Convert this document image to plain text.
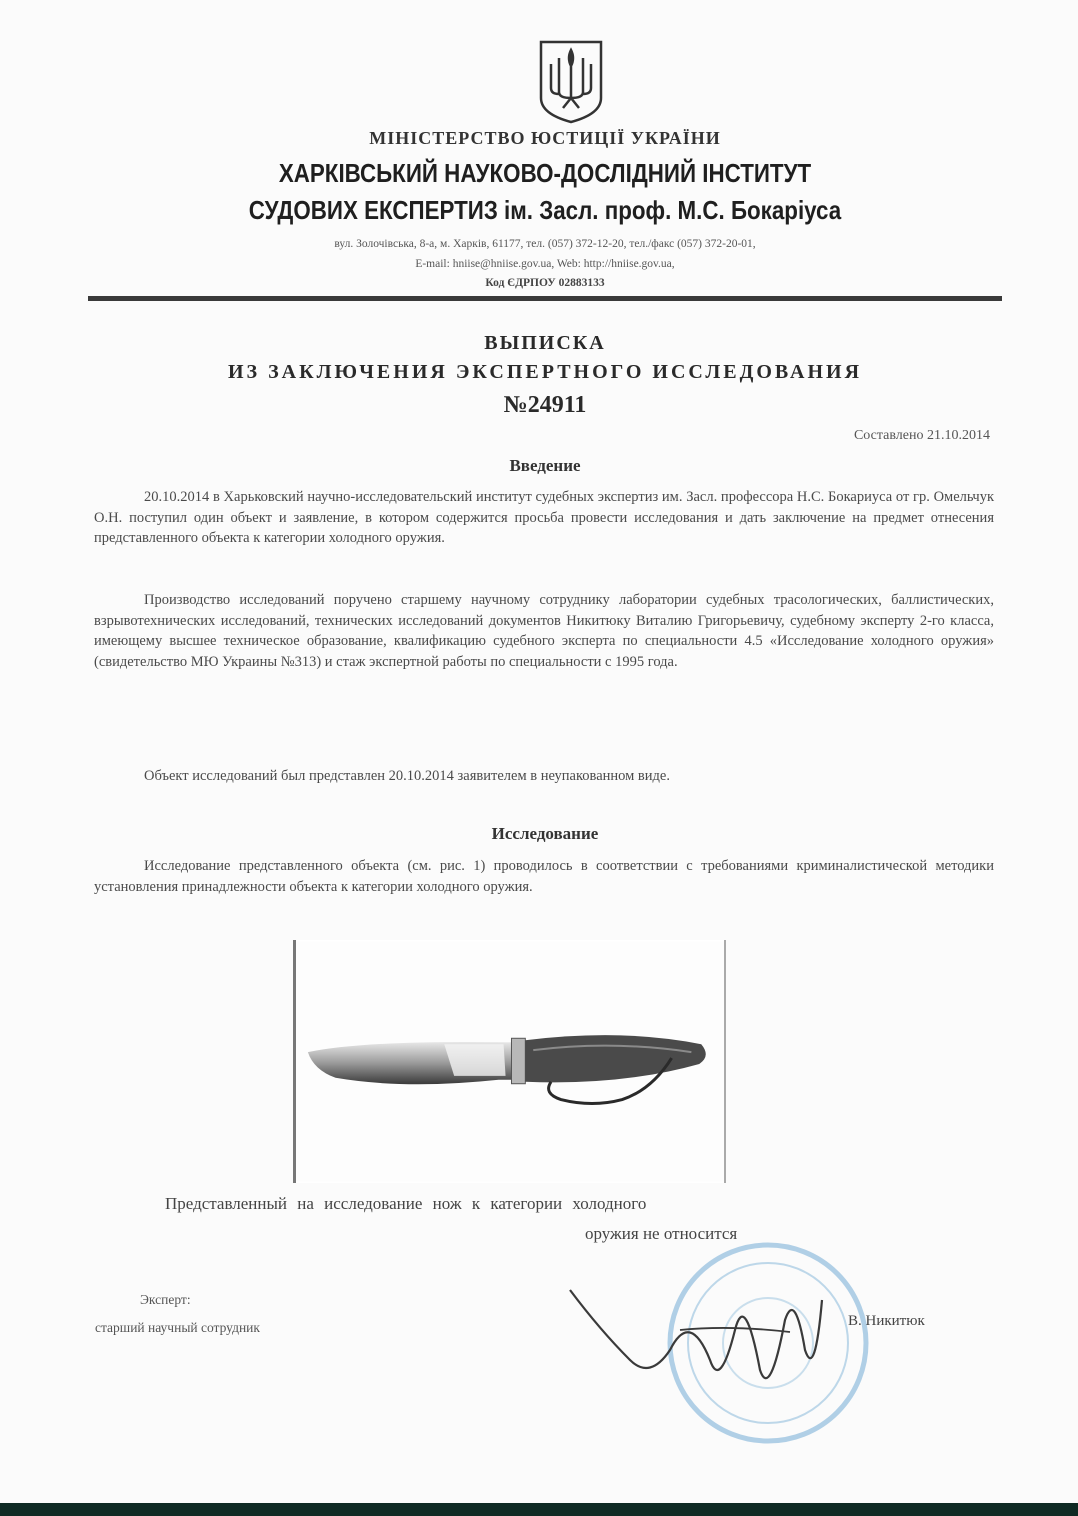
МІНІСТЕРСТВО ЮСТИЦІЇ УКРАЇНИ
ХАРКІВСЬКИЙ НАУКОВО-ДОСЛІДНИЙ ІНСТИТУТ
СУДОВИХ ЕКСПЕРТИЗ ім. Засл. проф. М.С. Бокаріуса
вул. Золочівська, 8-а, м. Харків, 61177, тел. (057) 372-12-20, тел./факс (057) 372-20-01,
E-mail: hniise@hniise.gov.ua, Web: http://hniise.gov.ua,
Код ЄДРПОУ 02883133
ВЫПИСКА
ИЗ ЗАКЛЮЧЕНИЯ ЭКСПЕРТНОГО ИССЛЕДОВАНИЯ
№24911
Составлено 21.10.2014
Введение
20.10.2014 в Харьковский научно-исследовательский институт судебных экспертиз им. Засл. профессора Н.С. Бокариуса от гр. Омельчук О.Н. поступил один объект и заявление, в котором содержится просьба провести исследования и дать заключение на предмет отнесения представленного объекта к категории холодного оружия.
Производство исследований поручено старшему научному сотруднику лаборатории судебных трасологических, баллистических, взрывотехнических исследований, технических исследований документов Никитюку Виталию Григорьевичу, судебному эксперту 2-го класса, имеющему высшее техническое образование, квалификацию судебного эксперта по специальности 4.5 «Исследование холодного оружия» (свидетельство МЮ Украины №313) и стаж экспертной работы по специальности с 1995 года.
Объект исследований был представлен 20.10.2014 заявителем в неупакованном виде.
Исследование
Исследование представленного объекта (см. рис. 1) проводилось в соответствии с требованиями криминалистической методики установления принадлежности объекта к категории холодного оружия.
Представленный на исследование нож к категории холодного
оружия не относится
Эксперт:
старший научный сотрудник	В. Никитюк
